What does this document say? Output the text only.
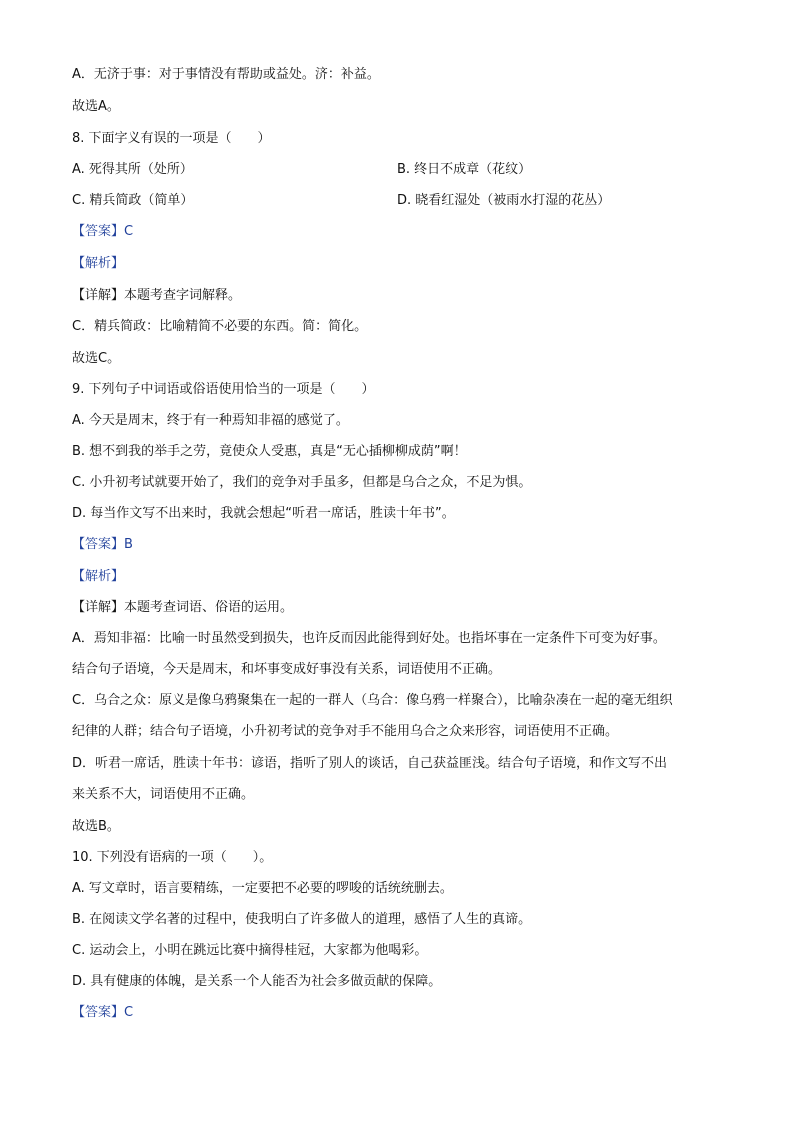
A．无济于事：对于事情没有帮助或益处。济：补益。
故选A。
8. 下面字义有误的一项是（　　）
A. 死得其所（处所）	B. 终日不成章（花纹）
C. 精兵简政（简单）	D. 晓看红湿处（被雨水打湿的花丛）
【答案】C
【解析】
【详解】本题考查字词解释。
C．精兵简政：比喻精简不必要的东西。简：简化。
故选C。
9. 下列句子中词语或俗语使用恰当的一项是（　　）
A. 今天是周末，终于有一种焉知非福的感觉了。
B. 想不到我的举手之劳，竟使众人受惠，真是“无心插柳柳成荫”啊！
C. 小升初考试就要开始了，我们的竞争对手虽多，但都是乌合之众，不足为惧。
D. 每当作文写不出来时，我就会想起“听君一席话，胜读十年书”。
【答案】B
【解析】
【详解】本题考查词语、俗语的运用。
A．焉知非福：比喻一时虽然受到损失，也许反而因此能得到好处。也指坏事在一定条件下可变为好事。
结合句子语境，今天是周末，和坏事变成好事没有关系，词语使用不正确。
C．乌合之众：原义是像乌鸦聚集在一起的一群人（乌合：像乌鸦一样聚合），比喻杂凑在一起的毫无组织
纪律的人群；结合句子语境，小升初考试的竞争对手不能用乌合之众来形容，词语使用不正确。
D．听君一席话，胜读十年书：谚语，指听了别人的谈话，自己获益匪浅。结合句子语境，和作文写不出
来关系不大，词语使用不正确。
故选B。
10. 下列没有语病的一项（　　）。
A. 写文章时，语言要精练，一定要把不必要的啰唆的话统统删去。
B. 在阅读文学名著的过程中，使我明白了许多做人的道理，感悟了人生的真谛。
C. 运动会上，小明在跳远比赛中摘得桂冠，大家都为他喝彩。
D. 具有健康的体魄，是关系一个人能否为社会多做贡献的保障。
【答案】C
